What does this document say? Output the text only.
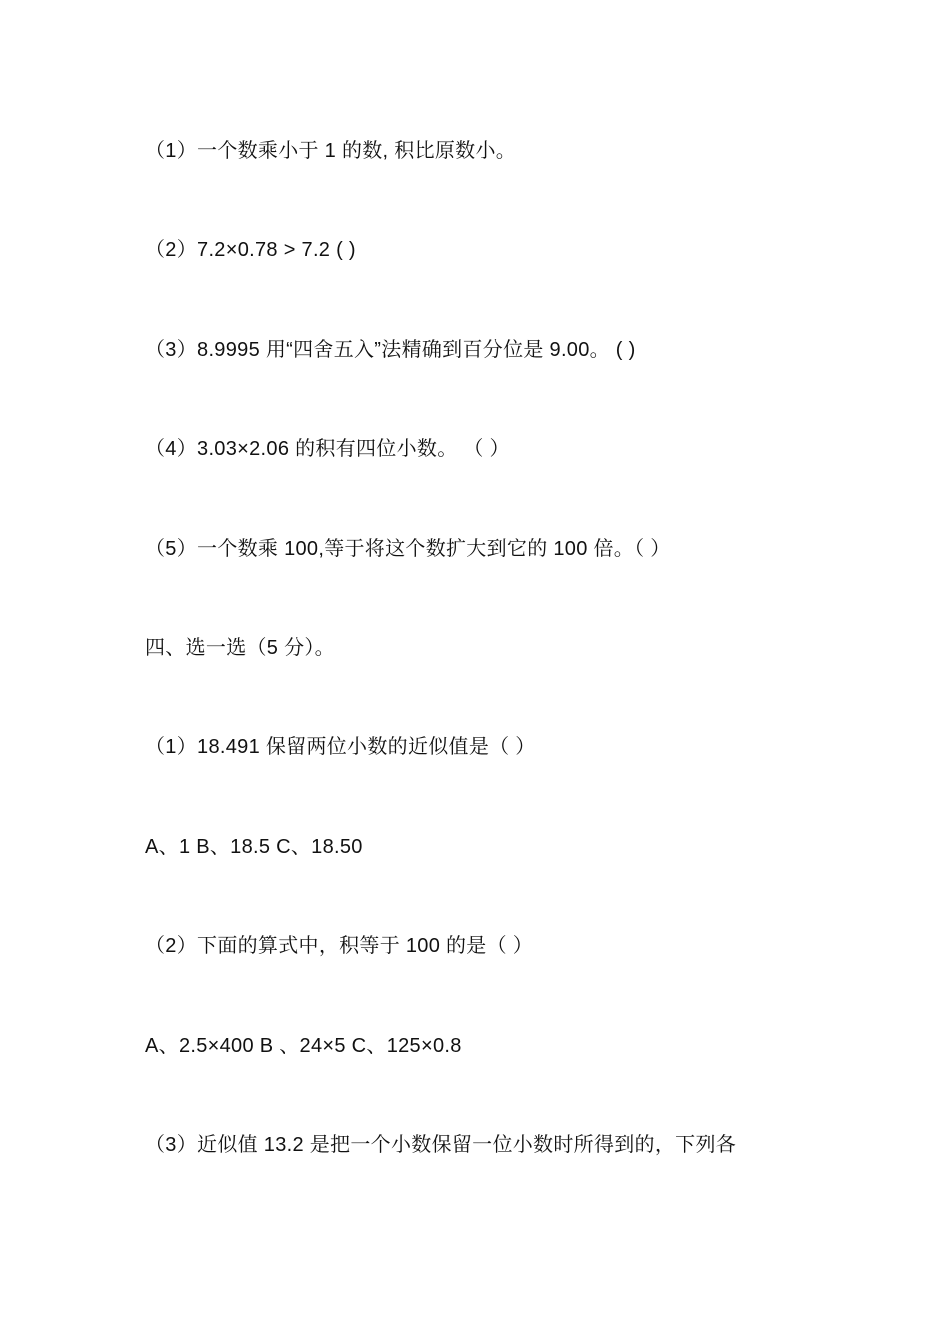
（1）一个数乘小于 1 的数, 积比原数小。
（2）7.2×0.78 > 7.2 ( )
（3）8.9995 用“四舍五入”法精确到百分位是 9.00。 ( )
（4）3.03×2.06 的积有四位小数。 （ ）
（5）一个数乘 100,等于将这个数扩大到它的 100 倍。（ ）
四、选一选（5 分）。
（1）18.491 保留两位小数的近似值是（ ）
A、1 B、18.5 C、18.50
（2）下面的算式中，积等于 100 的是（ ）
A、2.5×400 B 、24×5 C、125×0.8
（3）近似值 13.2 是把一个小数保留一位小数时所得到的，下列各
